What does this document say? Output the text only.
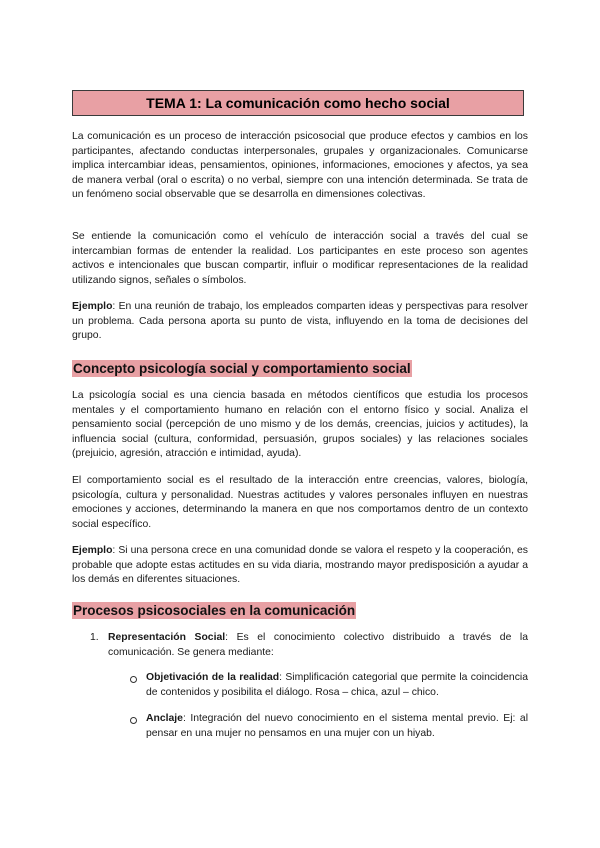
TEMA 1: La comunicación como hecho social

La comunicación es un proceso de interacción psicosocial que produce efectos y cambios en los participantes, afectando conductas interpersonales, grupales y organizacionales. Comunicarse implica intercambiar ideas, pensamientos, opiniones, informaciones, emociones y afectos, ya sea de manera verbal (oral o escrita) o no verbal, siempre con una intención determinada. Se trata de un fenómeno social observable que se desarrolla en dimensiones colectivas.

Se entiende la comunicación como el vehículo de interacción social a través del cual se intercambian formas de entender la realidad. Los participantes en este proceso son agentes activos e intencionales que buscan compartir, influir o modificar representaciones de la realidad utilizando signos, señales o símbolos.

Ejemplo: En una reunión de trabajo, los empleados comparten ideas y perspectivas para resolver un problema. Cada persona aporta su punto de vista, influyendo en la toma de decisiones del grupo.

Concepto psicología social y comportamiento social

La psicología social es una ciencia basada en métodos científicos que estudia los procesos mentales y el comportamiento humano en relación con el entorno físico y social. Analiza el pensamiento social (percepción de uno mismo y de los demás, creencias, juicios y actitudes), la influencia social (cultura, conformidad, persuasión, grupos sociales) y las relaciones sociales (prejuicio, agresión, atracción e intimidad, ayuda).

El comportamiento social es el resultado de la interacción entre creencias, valores, biología, psicología, cultura y personalidad. Nuestras actitudes y valores personales influyen en nuestras emociones y acciones, determinando la manera en que nos comportamos dentro de un contexto social específico.

Ejemplo: Si una persona crece en una comunidad donde se valora el respeto y la cooperación, es probable que adopte estas actitudes en su vida diaria, mostrando mayor predisposición a ayudar a los demás en diferentes situaciones.

Procesos psicosociales en la comunicación
1. Representación Social: Es el conocimiento colectivo distribuido a través de la comunicación. Se genera mediante:

Objetivación de la realidad: Simplificación categorial que permite la coincidencia de contenidos y posibilita el diálogo. Rosa – chica, azul – chico.

Anclaje: Integración del nuevo conocimiento en el sistema mental previo. Ej: al pensar en una mujer no pensamos en una mujer con un hiyab.
